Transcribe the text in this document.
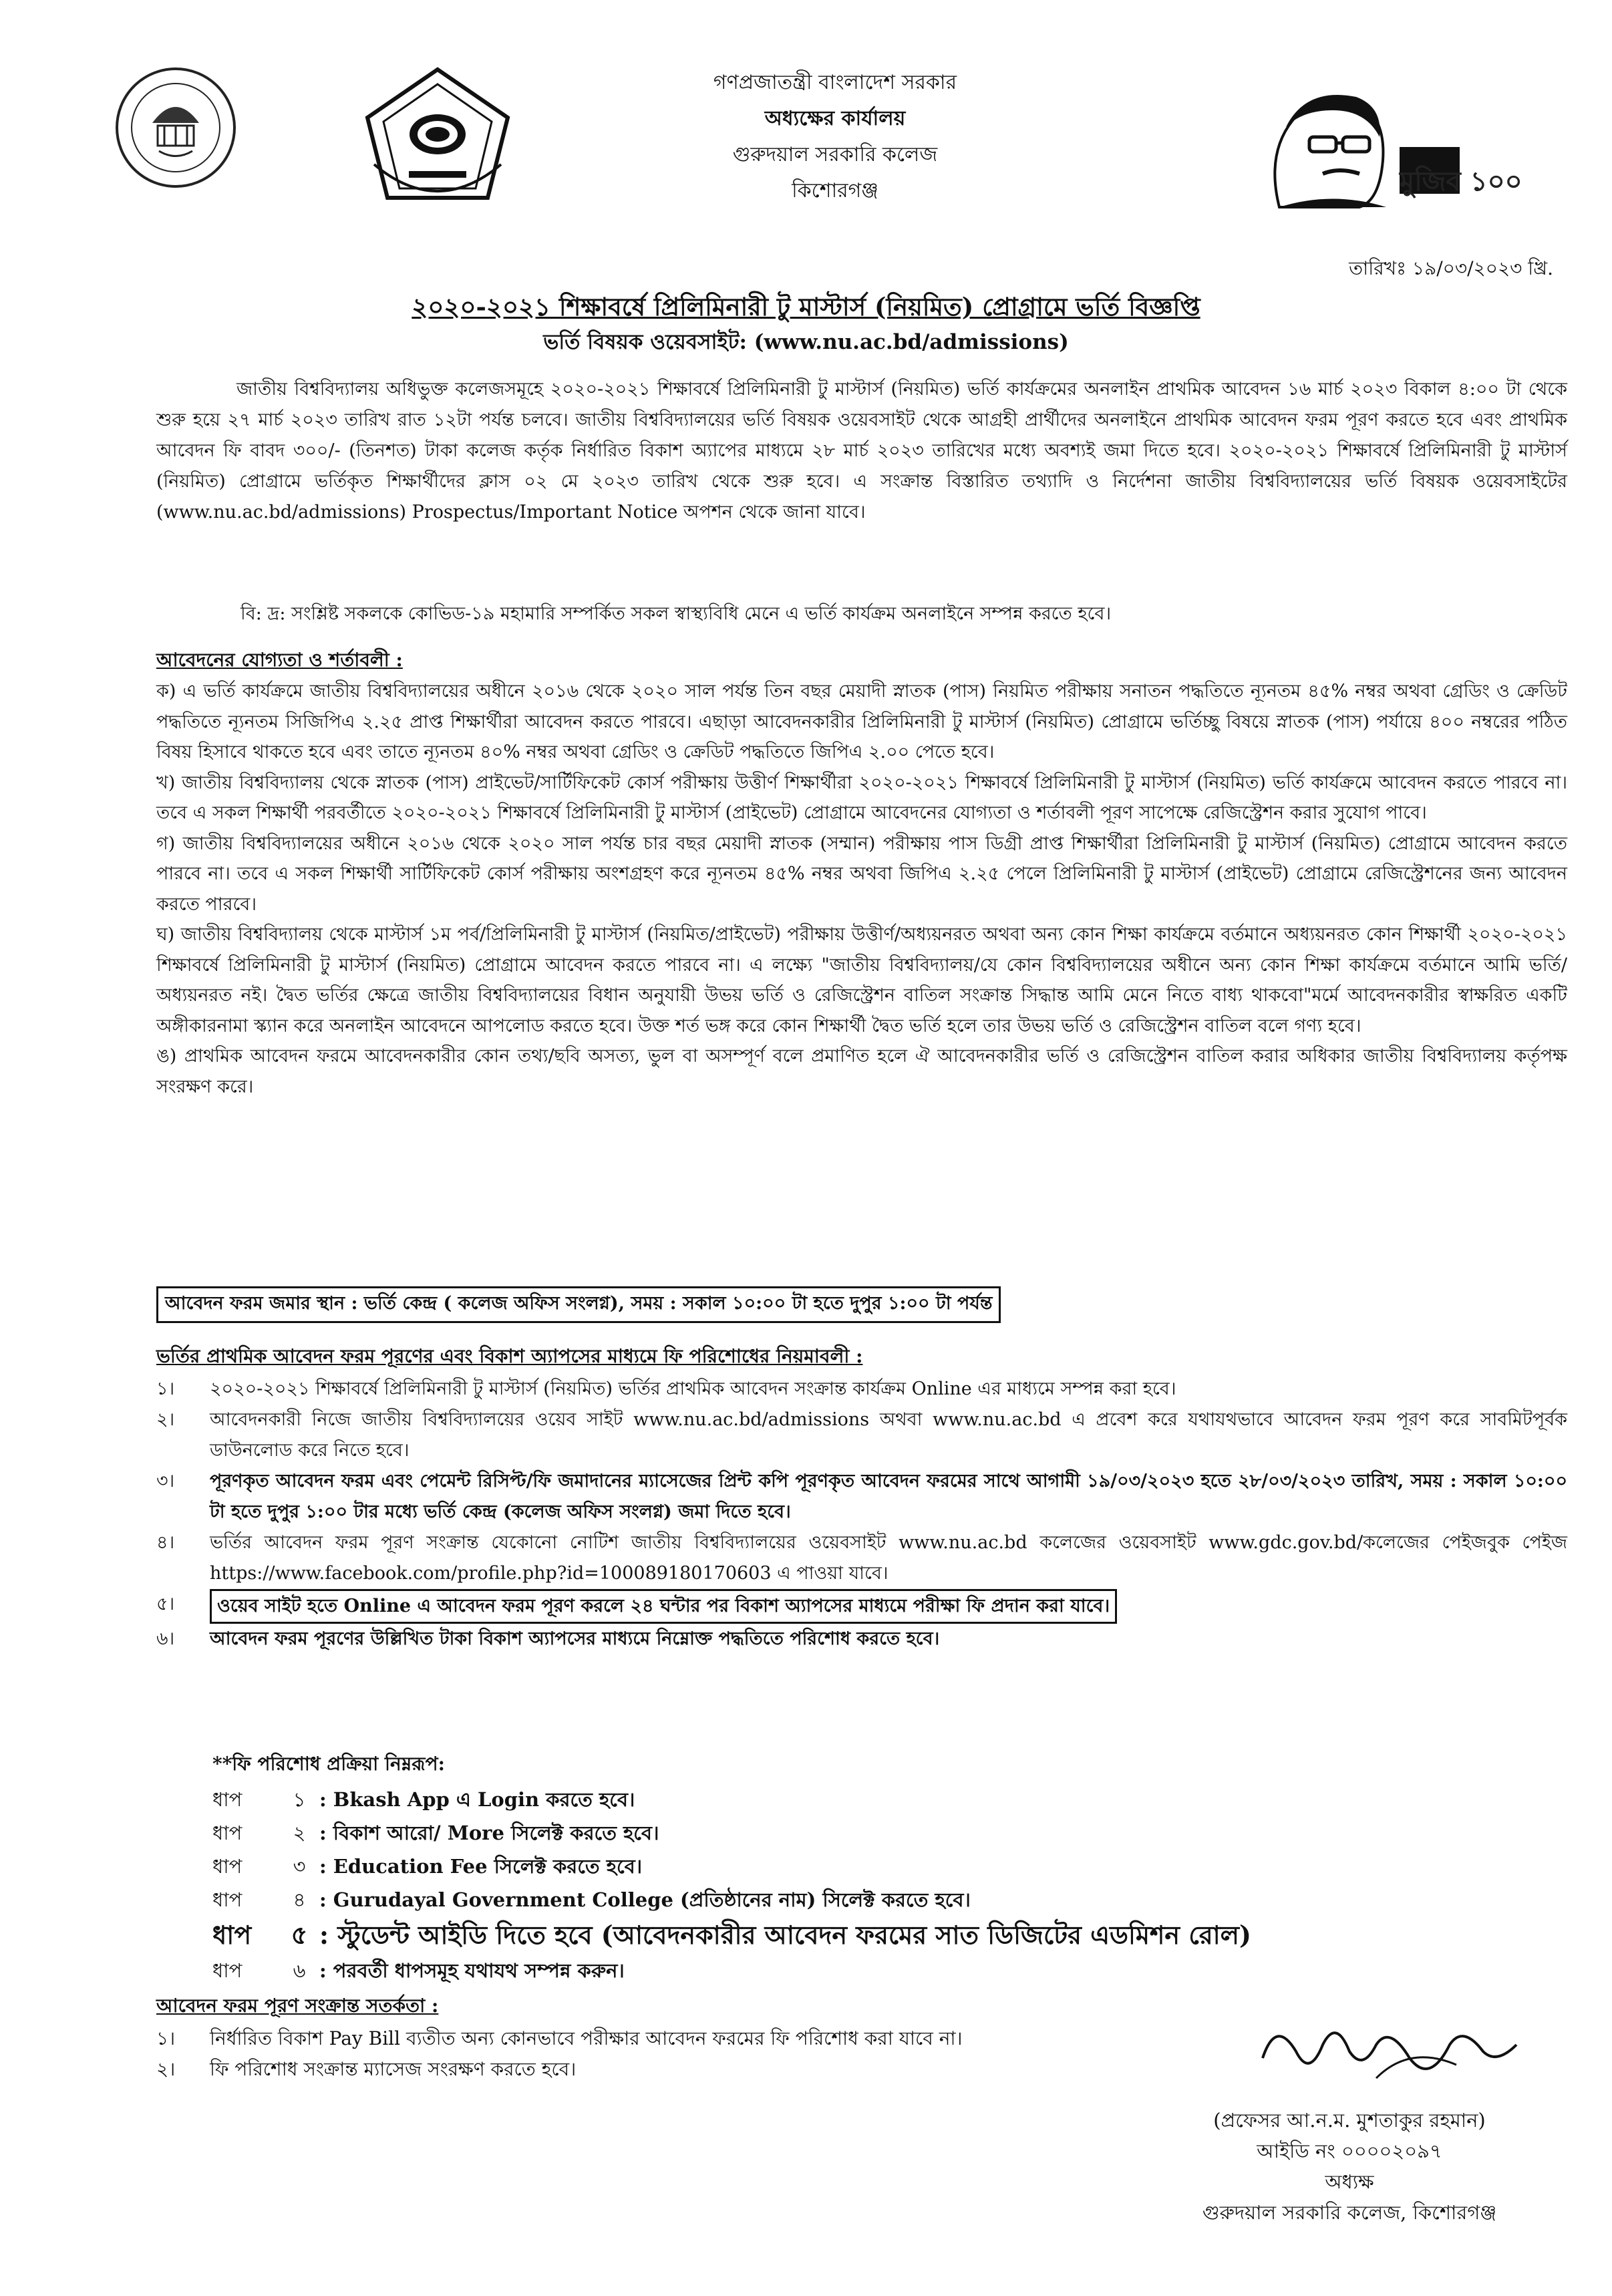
মুজিব ১০০
গণপ্রজাতন্ত্রী বাংলাদেশ সরকার
অধ্যক্ষের কার্যালয়
গুরুদয়াল সরকারি কলেজ
কিশোরগঞ্জ
তারিখঃ ১৯/০৩/২০২৩ খ্রি.
২০২০-২০২১ শিক্ষাবর্ষে প্রিলিমিনারী টু মাস্টার্স (নিয়মিত) প্রোগ্রামে ভর্তি বিজ্ঞপ্তি
ভর্তি বিষয়ক ওয়েবসাইট: (www.nu.ac.bd/admissions)

জাতীয় বিশ্ববিদ্যালয় অধিভুক্ত কলেজসমূহে ২০২০-২০২১ শিক্ষাবর্ষে প্রিলিমিনারী টু মাস্টার্স (নিয়মিত) ভর্তি কার্যক্রমের অনলাইন প্রাথমিক আবেদন ১৬ মার্চ ২০২৩ বিকাল ৪:০০ টা থেকে শুরু হয়ে ২৭ মার্চ ২০২৩ তারিখ রাত ১২টা পর্যন্ত চলবে। জাতীয় বিশ্ববিদ্যালয়ের ভর্তি বিষয়ক ওয়েবসাইট থেকে আগ্রহী প্রার্থীদের অনলাইনে প্রাথমিক আবেদন ফরম পূরণ করতে হবে এবং প্রাথমিক আবেদন ফি বাবদ ৩০০/- (তিনশত) টাকা কলেজ কর্তৃক নির্ধারিত বিকাশ অ্যাপের মাধ্যমে ২৮ মার্চ ২০২৩ তারিখের মধ্যে অবশ্যই জমা দিতে হবে। ২০২০-২০২১ শিক্ষাবর্ষে প্রিলিমিনারী টু মাস্টার্স (নিয়মিত) প্রোগ্রামে ভর্তিকৃত শিক্ষার্থীদের ক্লাস ০২ মে ২০২৩ তারিখ থেকে শুরু হবে। এ সংক্রান্ত বিস্তারিত তথ্যাদি ও নির্দেশনা জাতীয় বিশ্ববিদ্যালয়ের ভর্তি বিষয়ক ওয়েবসাইটের (www.nu.ac.bd/admissions) Prospectus/Important Notice অপশন থেকে জানা যাবে।

বি: দ্র: সংশ্লিষ্ট সকলকে কোভিড-১৯ মহামারি সম্পর্কিত সকল স্বাস্থ্যবিধি মেনে এ ভর্তি কার্যক্রম অনলাইনে সম্পন্ন করতে হবে।
আবেদনের যোগ্যতা ও শর্তাবলী :

ক) এ ভর্তি কার্যক্রমে জাতীয় বিশ্ববিদ্যালয়ের অধীনে ২০১৬ থেকে ২০২০ সাল পর্যন্ত তিন বছর মেয়াদী স্নাতক (পাস) নিয়মিত পরীক্ষায় সনাতন পদ্ধতিতে ন্যূনতম ৪৫% নম্বর অথবা গ্রেডিং ও ক্রেডিট পদ্ধতিতে ন্যূনতম সিজিপিএ ২.২৫ প্রাপ্ত শিক্ষার্থীরা আবেদন করতে পারবে। এছাড়া আবেদনকারীর প্রিলিমিনারী টু মাস্টার্স (নিয়মিত) প্রোগ্রামে ভর্তিচ্ছু বিষয়ে স্নাতক (পাস) পর্যায়ে ৪০০ নম্বরের পঠিত বিষয় হিসাবে থাকতে হবে এবং তাতে ন্যূনতম ৪০% নম্বর অথবা গ্রেডিং ও ক্রেডিট পদ্ধতিতে জিপিএ ২.০০ পেতে হবে।

খ) জাতীয় বিশ্ববিদ্যালয় থেকে স্নাতক (পাস) প্রাইভেট/সার্টিফিকেট কোর্স পরীক্ষায় উত্তীর্ণ শিক্ষার্থীরা ২০২০-২০২১ শিক্ষাবর্ষে প্রিলিমিনারী টু মাস্টার্স (নিয়মিত) ভর্তি কার্যক্রমে আবেদন করতে পারবে না। তবে এ সকল শিক্ষার্থী পরবর্তীতে ২০২০-২০২১ শিক্ষাবর্ষে প্রিলিমিনারী টু মাস্টার্স (প্রাইভেট) প্রোগ্রামে আবেদনের যোগ্যতা ও শর্তাবলী পূরণ সাপেক্ষে রেজিস্ট্রেশন করার সুযোগ পাবে।

গ) জাতীয় বিশ্ববিদ্যালয়ের অধীনে ২০১৬ থেকে ২০২০ সাল পর্যন্ত চার বছর মেয়াদী স্নাতক (সম্মান) পরীক্ষায় পাস ডিগ্রী প্রাপ্ত শিক্ষার্থীরা প্রিলিমিনারী টু মাস্টার্স (নিয়মিত) প্রোগ্রামে আবেদন করতে পারবে না। তবে এ সকল শিক্ষার্থী সার্টিফিকেট কোর্স পরীক্ষায় অংশগ্রহণ করে ন্যূনতম ৪৫% নম্বর অথবা জিপিএ ২.২৫ পেলে প্রিলিমিনারী টু মাস্টার্স (প্রাইভেট) প্রোগ্রামে রেজিস্ট্রেশনের জন্য আবেদন করতে পারবে।

ঘ) জাতীয় বিশ্ববিদ্যালয় থেকে মাস্টার্স ১ম পর্ব/প্রিলিমিনারী টু মাস্টার্স (নিয়মিত/প্রাইভেট) পরীক্ষায় উত্তীর্ণ/অধ্যয়নরত অথবা অন্য কোন শিক্ষা কার্যক্রমে বর্তমানে অধ্যয়নরত কোন শিক্ষার্থী ২০২০-২০২১ শিক্ষাবর্ষে প্রিলিমিনারী টু মাস্টার্স (নিয়মিত) প্রোগ্রামে আবেদন করতে পারবে না। এ লক্ষ্যে "জাতীয় বিশ্ববিদ্যালয়/যে কোন বিশ্ববিদ্যালয়ের অধীনে অন্য কোন শিক্ষা কার্যক্রমে বর্তমানে আমি ভর্তি/অধ্যয়নরত নই। দ্বৈত ভর্তির ক্ষেত্রে জাতীয় বিশ্ববিদ্যালয়ের বিধান অনুযায়ী উভয় ভর্তি ও রেজিস্ট্রেশন বাতিল সংক্রান্ত সিদ্ধান্ত আমি মেনে নিতে বাধ্য থাকবো"মর্মে আবেদনকারীর স্বাক্ষরিত একটি অঙ্গীকারনামা স্ক্যান করে অনলাইন আবেদনে আপলোড করতে হবে। উক্ত শর্ত ভঙ্গ করে কোন শিক্ষার্থী দ্বৈত ভর্তি হলে তার উভয় ভর্তি ও রেজিস্ট্রেশন বাতিল বলে গণ্য হবে।

ঙ) প্রাথমিক আবেদন ফরমে আবেদনকারীর কোন তথ্য/ছবি অসত্য, ভুল বা অসম্পূর্ণ বলে প্রমাণিত হলে ঐ আবেদনকারীর ভর্তি ও রেজিস্ট্রেশন বাতিল করার অধিকার জাতীয় বিশ্ববিদ্যালয় কর্তৃপক্ষ সংরক্ষণ করে।

আবেদন ফরম জমার স্থান : ভর্তি কেন্দ্র ( কলেজ অফিস সংলগ্ন), সময় : সকাল ১০:০০ টা হতে দুপুর ১:০০ টা পর্যন্ত
ভর্তির প্রাথমিক আবেদন ফরম পূরণের এবং বিকাশ অ্যাপসের মাধ্যমে ফি পরিশোধের নিয়মাবলী :
১।	২০২০-২০২১ শিক্ষাবর্ষে প্রিলিমিনারী টু মাস্টার্স (নিয়মিত) ভর্তির প্রাথমিক আবেদন সংক্রান্ত কার্যক্রম Online এর মাধ্যমে সম্পন্ন করা হবে।
২।	আবেদনকারী নিজে জাতীয় বিশ্ববিদ্যালয়ের ওয়েব সাইট www.nu.ac.bd/admissions অথবা www.nu.ac.bd এ প্রবেশ করে যথাযথভাবে আবেদন ফরম পূরণ করে সাবমিটপূর্বক ডাউনলোড করে নিতে হবে।
৩।	পূরণকৃত আবেদন ফরম এবং পেমেন্ট রিসিপ্ট/ফি জমাদানের ম্যাসেজের প্রিন্ট কপি পূরণকৃত আবেদন ফরমের সাথে আগামী ১৯/০৩/২০২৩ হতে ২৮/০৩/২০২৩ তারিখ, সময় : সকাল ১০:০০ টা হতে দুপুর ১:০০ টার মধ্যে ভর্তি কেন্দ্র (কলেজ অফিস সংলগ্ন) জমা দিতে হবে।
৪।	ভর্তির আবেদন ফরম পূরণ সংক্রান্ত যেকোনো নোটিশ জাতীয় বিশ্ববিদ্যালয়ের ওয়েবসাইট www.nu.ac.bd কলেজের ওয়েবসাইট www.gdc.gov.bd/কলেজের পেইজবুক পেইজ https://www.facebook.com/profile.php?id=100089180170603 এ পাওয়া যাবে।
৫।	ওয়েব সাইট হতে Online এ আবেদন ফরম পূরণ করলে ২৪ ঘন্টার পর বিকাশ অ্যাপসের মাধ্যমে পরীক্ষা ফি প্রদান করা যাবে।
৬।	আবেদন ফরম পূরণের উল্লিখিত টাকা বিকাশ অ্যাপসের মাধ্যমে নিম্নোক্ত পদ্ধতিতে পরিশোধ করতে হবে।
**ফি পরিশোধ প্রক্রিয়া নিম্নরূপ:
ধাপ	১ : Bkash App এ Login করতে হবে।
ধাপ	২ : বিকাশ আরো/ More সিলেক্ট করতে হবে।
ধাপ	৩ : Education Fee সিলেক্ট করতে হবে।
ধাপ	৪ : Gurudayal Government College (প্রতিষ্ঠানের নাম) সিলেক্ট করতে হবে।
ধাপ	৫ : স্টুডেন্ট আইডি দিতে হবে (আবেদনকারীর আবেদন ফরমের সাত ডিজিটের এডমিশন রোল)
ধাপ	৬ : পরবর্তী ধাপসমূহ যথাযথ সম্পন্ন করুন।
আবেদন ফরম পূরণ সংক্রান্ত সতর্কতা :
১।	নির্ধারিত বিকাশ Pay Bill ব্যতীত অন্য কোনভাবে পরীক্ষার আবেদন ফরমের ফি পরিশোধ করা যাবে না।
২।	ফি পরিশোধ সংক্রান্ত ম্যাসেজ সংরক্ষণ করতে হবে।
(প্রফেসর আ.ন.ম. মুশতাকুর রহমান)
আইডি নং ০০০০২০৯৭
অধ্যক্ষ
গুরুদয়াল সরকারি কলেজ, কিশোরগঞ্জ
